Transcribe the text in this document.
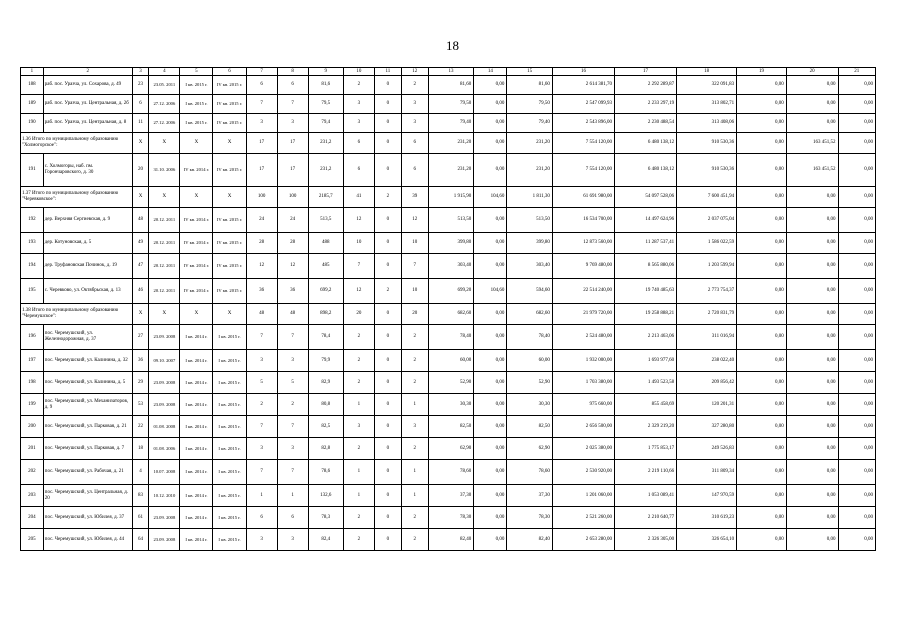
18
1	2	3	4	5	6	7	8	9	10	11	12	13	14	15	16	17	18	19	20	21
188	раб. пос. Уразча, ул. Сохарова, д. 49	23	23.05. 2011	I кв. 2015 г.	IV кв. 2015 г.	6	6	81,6	2	0	2	81,60	0,00	81,60	2 614 381,70	2 292 289,87	322 091,83	0,00	0,00	0,00
189	раб. пос. Уразча, ул. Центральная, д. 2б	6	27.12. 2006	I кв. 2015 г.	IV кв. 2015 г.	7	7	79,5	3	0	3	79,50	0,00	79,50	2 547 099,93	2 233 297,19	313 802,71	0,00	0,00	0,00
190	раб. пос. Уразча, ул. Центральная, д. 8	11	27.12. 2006	I кв. 2015 г.	IV кв. 2015 г.	3	3	79,4	3	0	3	79,40	0,00	79,40	2 543 896,00	2 230 488,54	313 408,06	0,00	0,00	0,00
1.36 Итого по муниципальному образованию "Холмогорское":		X	X	X	X	17	17	231,2	6	0	6	231,20	0,00	231,20	7 554 120,00	6 480 138,12	910 530,36	0,00	163 451,52	0,00
191	с. Холмогоры, наб. пм. Горончаровского, д. 30	20	31.10. 2006	IV кв. 2014 г.	IV кв. 2015 г.	17	17	231,2	6	0	6	231,20	0,00	231,20	7 554 120,00	6 480 138,12	910 530,36	0,00	163 451,52	0,00
1.37 Итого по муниципальному образованию "Черевковское":		X	X	X	X	100	100	2185,7	41	2	39	1 915,90	104,60	1 811,30	61 691 980,00	54 097 528,06	7 600 451,94	0,00	0,00	0,00
192	дер. Верхняя Сергиевская, д. 9	48	20.12. 2011	IV кв. 2014 г.	IV кв. 2015 г.	24	24	513,5	12	0	12	513,50	0,00	513,50	16 534 700,00	14 497 624,96	2 037 075,04	0,00	0,00	0,00
193	дер. Котуновская, д. 5	49	20.12. 2011	IV кв. 2014 г.	IV кв. 2015 г.	28	28	488	10	0	10	399,80	0,00	399,80	12 873 560,00	11 287 537,41	1 586 022,59	0,00	0,00	0,00
194	дер. Труфановская Починок, д. 19	47	20.12. 2011	IV кв. 2014 г.	IV кв. 2015 г.	12	12	485	7	0	7	303,40	0,00	303,40	9 769 480,00	8 565 880,06	1 203 599,94	0,00	0,00	0,00
195	с. Черевково, ул. Октябрьская, д. 13	46	20.12. 2011	IV кв. 2014 г.	IV кв. 2015 г.	36	36	699,2	12	2	10	699,20	104,60	594,60	22 514 240,00	19 740 485,63	2 773 754,37	0,00	0,00	0,00
1.38 Итого по муниципальному образованию "Черемушское":		X	X	X	X	48	48	898,2	20	0	20	682,60	0,00	682,60	21 979 720,00	19 258 888,21	2 720 831,79	0,00	0,00	0,00
196	пос. Черемушский, ул. Железнодорожная, д. 37	27	23.09. 2008	I кв. 2014 г.	I кв. 2015 г.	7	7	78,4	2	0	2	78,40	0,00	78,40	2 524 480,00	2 213 463,06	311 016,94	0,00	0,00	0,00
197	пос. Черемушский, ул. Калинина, д. 32	36	09.10. 2007	I кв. 2014 г.	I кв. 2015 г.	3	3	79,9	2	0	2	60,00	0,00	60,00	1 932 000,00	1 693 977,60	238 022,40	0,00	0,00	0,00
198	пос. Черемушский, ул. Калинина, д. 5	29	23.09. 2008	I кв. 2014 г.	I кв. 2015 г.	5	5	82,9	2	0	2	52,90	0,00	52,90	1 703 380,00	1 493 523,58	209 856,42	0,00	0,00	0,00
199	пос. Черемушский, ул. Механизаторов, д. 9	53	23.09. 2008	I кв. 2014 г.	I кв. 2015 г.	2	2	80,8	1	0	1	30,30	0,00	30,30	975 660,00	855 458,69	120 201,31	0,00	0,00	0,00
200	пос. Черемушский, ул. Парковая, д. 21	22	01.08. 2008	I кв. 2014 г.	I кв. 2015 г.	7	7	82,5	3	0	3	82,50	0,00	82,50	2 656 500,00	2 329 219,20	327 280,80	0,00	0,00	0,00
201	пос. Черемушский, ул. Парковая, д. 7	18	01.08. 2006	I кв. 2014 г.	I кв. 2015 г.	3	3	82,8	2	0	2	62,90	0,00	62,90	2 025 380,00	1 775 853,17	249 526,83	0,00	0,00	0,00
202	пос. Черемушский, ул. Рабочая, д. 21	4	10.07. 2008	I кв. 2014 г.	I кв. 2015 г.	7	7	78,6	1	0	1	78,60	0,00	78,60	2 530 920,00	2 219 110,66	311 809,34	0,00	0,00	0,00
203	пос. Черемушский, ул. Центральная, д. 20	83	10.12. 2010	I кв. 2014 г.	I кв. 2015 г.	1	1	132,6	1	0	1	37,30	0,00	37,30	1 201 060,00	1 053 089,41	147 970,59	0,00	0,00	0,00
204	пос. Черемушский, ул. Юбилея, д. 37	61	23.09. 2008	I кв. 2014 г.	I кв. 2015 г.	6	6	78,3	2	0	2	78,30	0,00	78,30	2 521 260,00	2 210 640,77	310 619,23	0,00	0,00	0,00
205	пос. Черемушский, ул. Юбилея, д. 44	64	23.09. 2008	I кв. 2014 г.	I кв. 2015 г.	3	3	82,4	2	0	2	82,40	0,00	82,40	2 653 280,00	2 326 305,00	326 654,10	0,00	0,00	0,00
